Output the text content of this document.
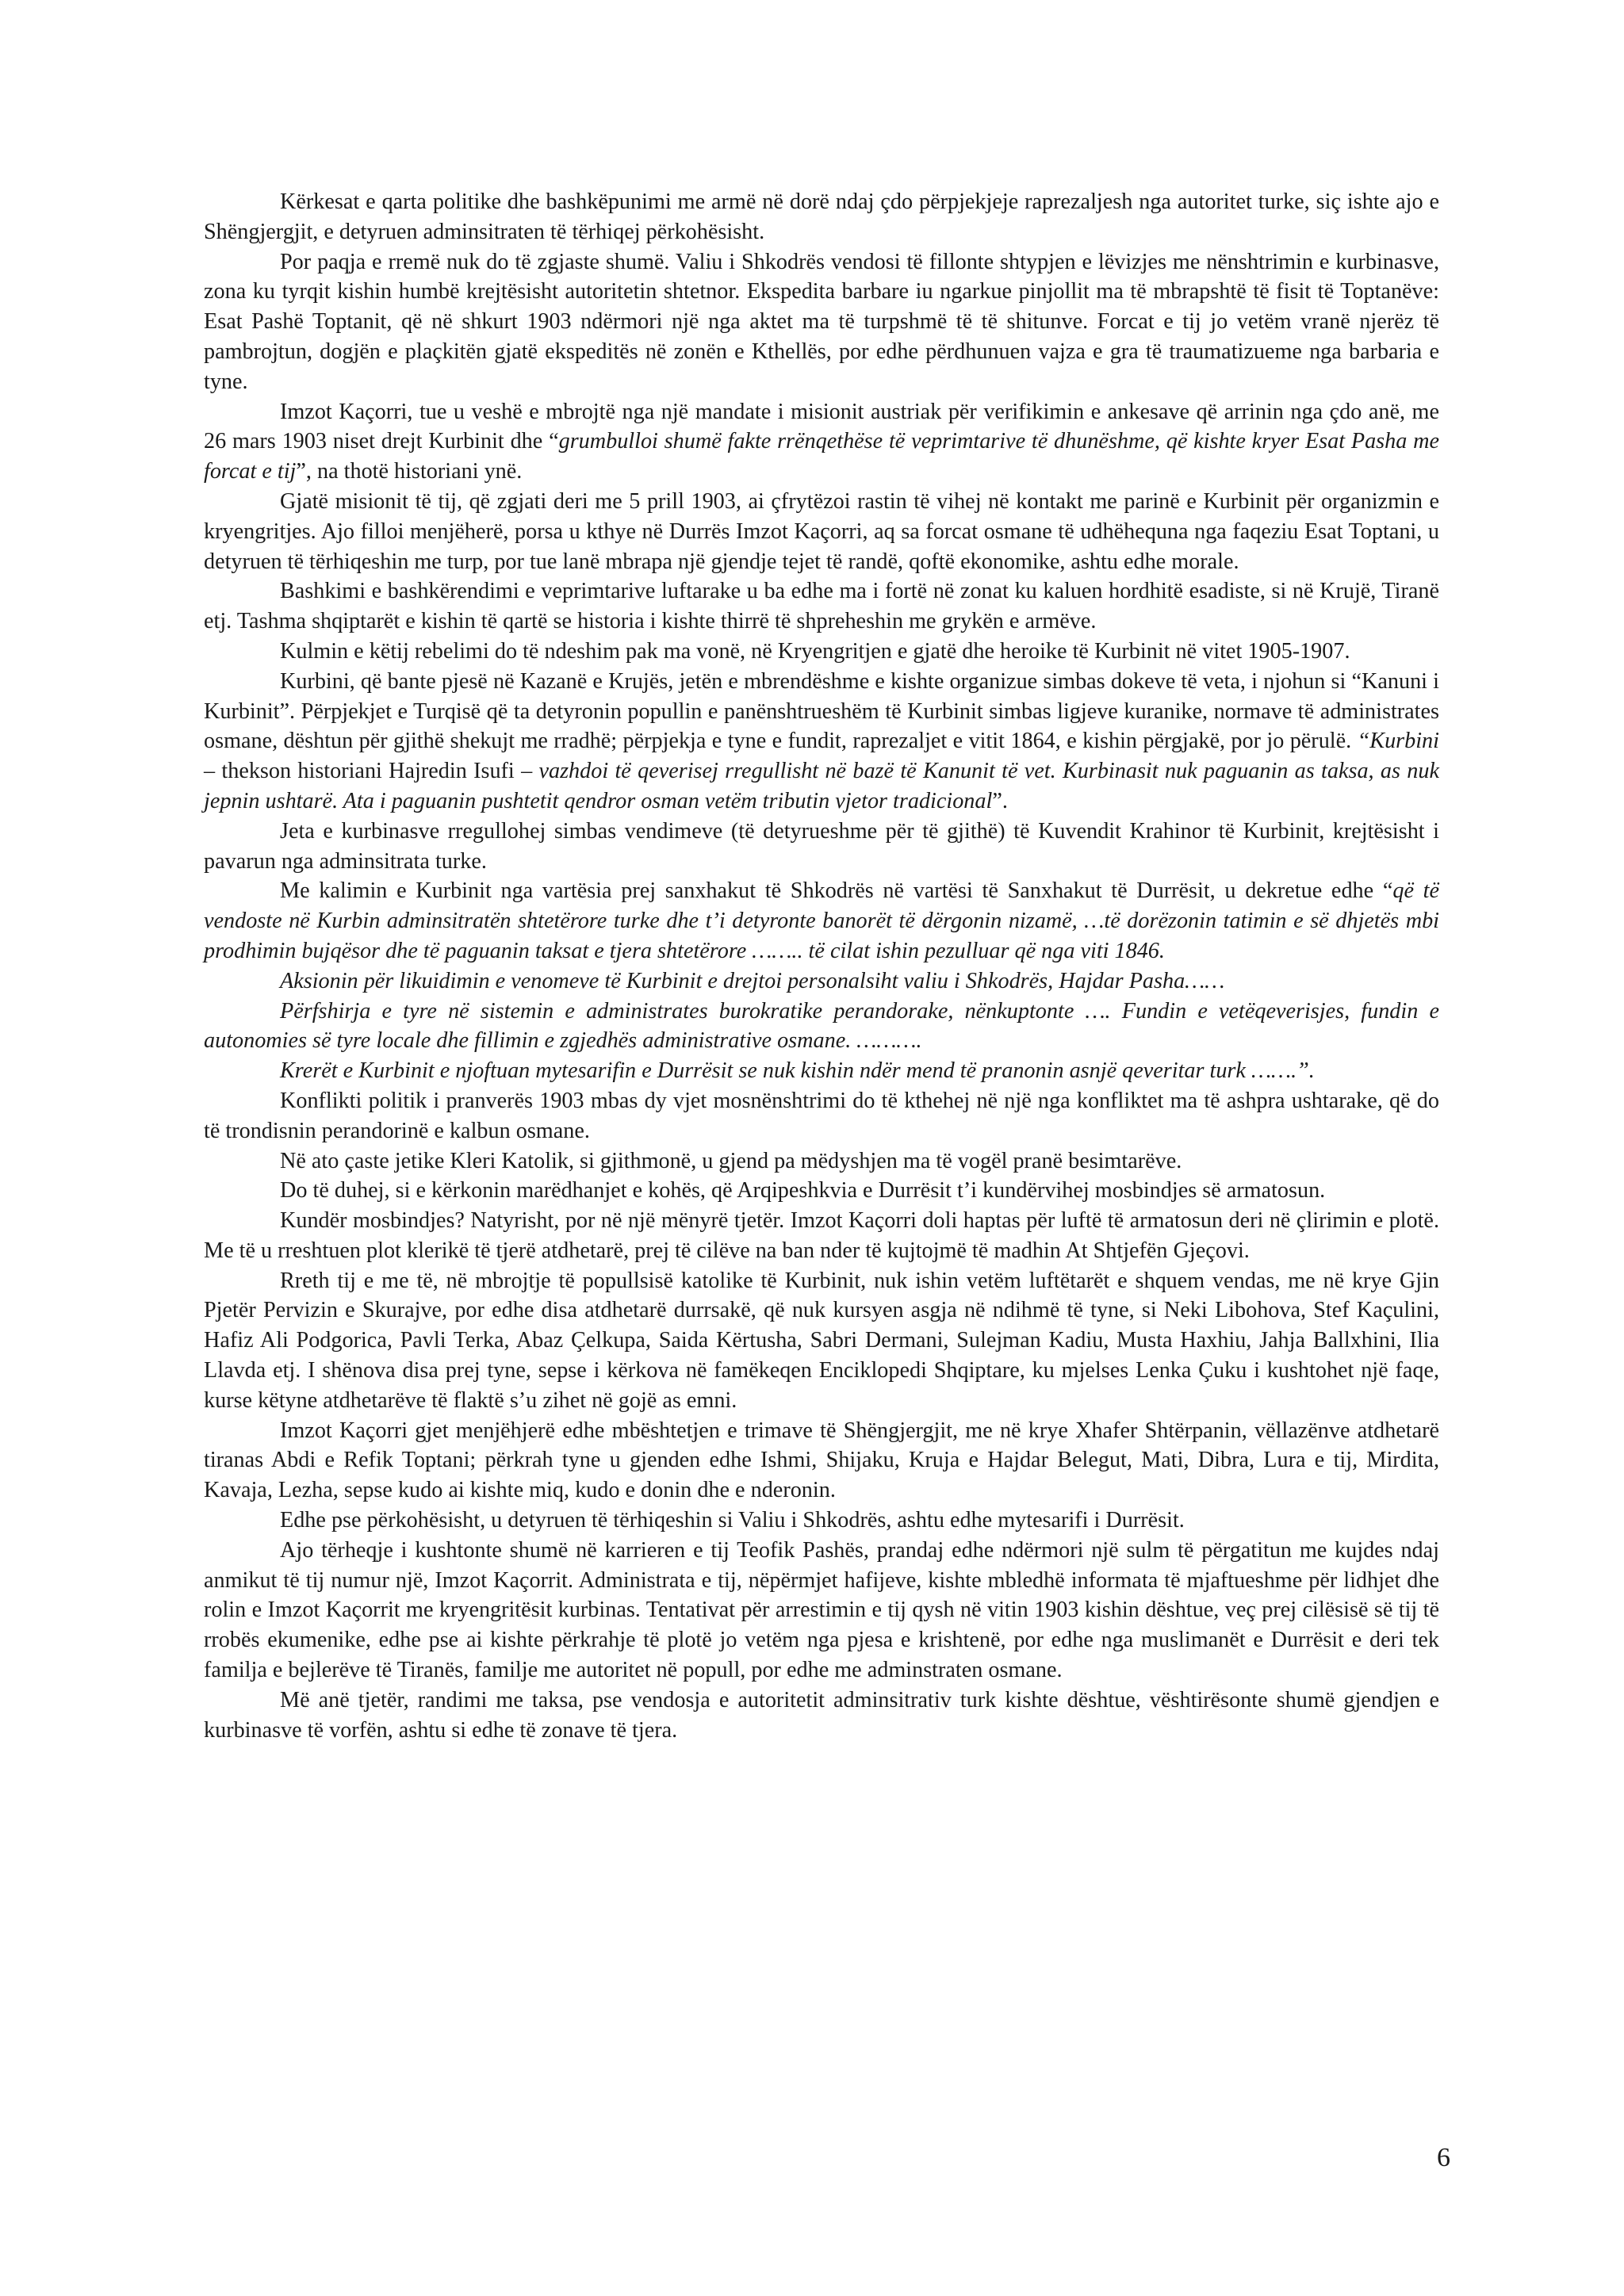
Kërkesat e qarta politike dhe bashkëpunimi me armë në dorë ndaj çdo përpjekjeje raprezaljesh nga autoritet turke, siç ishte ajo e Shëngjergjit, e detyruen adminsitraten të tërhiqej përkohësisht.

Por paqja e rremë nuk do të zgjaste shumë. Valiu i Shkodrës vendosi të fillonte shtypjen e lëvizjes me nënshtrimin e kurbinasve, zona ku tyrqit kishin humbë krejtësisht autoritetin shtetnor. Ekspedita barbare iu ngarkue pinjollit ma të mbrapshtë të fisit të Toptanëve: Esat Pashë Toptanit, që në shkurt 1903 ndërmori një nga aktet ma të turpshmë të të shitunve. Forcat e tij jo vetëm vranë njerëz të pambrojtun, dogjën e plaçkitën gjatë ekspeditës në zonën e Kthellës, por edhe përdhunuen vajza e gra të traumatizueme nga barbaria e tyne.

Imzot Kaçorri, tue u veshë e mbrojtë nga një mandate i misionit austriak për verifikimin e ankesave që arrinin nga çdo anë, me 26 mars 1903 niset drejt Kurbinit dhe “grumbulloi shumë fakte rrënqethëse të veprimtarive të dhunëshme, që kishte kryer Esat Pasha me forcat e tij”, na thotë historiani ynë.

Gjatë misionit të tij, që zgjati deri me 5 prill 1903, ai çfrytëzoi rastin të vihej në kontakt me parinë e Kurbinit për organizmin e kryengritjes. Ajo filloi menjëherë, porsa u kthye në Durrës Imzot Kaçorri, aq sa forcat osmane të udhëhequna nga faqeziu Esat Toptani, u detyruen të tërhiqeshin me turp, por tue lanë mbrapa një gjendje tejet të randë, qoftë ekonomike, ashtu edhe morale.

Bashkimi e bashkërendimi e veprimtarive luftarake u ba edhe ma i fortë në zonat ku kaluen hordhitë esadiste, si në Krujë, Tiranë etj. Tashma shqiptarët e kishin të qartë se historia i kishte thirrë të shpreheshin me grykën e armëve.

Kulmin e këtij rebelimi do të ndeshim pak ma vonë, në Kryengritjen e gjatë dhe heroike të Kurbinit në vitet 1905-1907.

Kurbini, që bante pjesë në Kazanë e Krujës, jetën e mbrendëshme e kishte organizue simbas dokeve të veta, i njohun si “Kanuni i Kurbinit”. Përpjekjet e Turqisë që ta detyronin popullin e panënshtrueshëm të Kurbinit simbas ligjeve kuranike, normave të administrates osmane, dështun për gjithë shekujt me rradhë; përpjekja e tyne e fundit, raprezaljet e vitit 1864, e kishin përgjakë, por jo përulë. “Kurbini – thekson historiani Hajredin Isufi – vazhdoi të qeverisej rregullisht në bazë të Kanunit të vet. Kurbinasit nuk paguanin as taksa, as nuk jepnin ushtarë. Ata i paguanin pushtetit qendror osman vetëm tributin vjetor tradicional”.

Jeta e kurbinasve rregullohej simbas vendimeve (të detyrueshme për të gjithë) të Kuvendit Krahinor të Kurbinit, krejtësisht i pavarun nga adminsitrata turke.

Me kalimin e Kurbinit nga vartësia prej sanxhakut të Shkodrës në vartësi të Sanxhakut të Durrësit, u dekretue edhe “që të vendoste në Kurbin adminsitratën shtetërore turke dhe t’i detyronte banorët të dërgonin nizamë, …të dorëzonin tatimin e së dhjetës mbi prodhimin bujqësor dhe të paguanin taksat e tjera shtetërore …….. të cilat ishin pezulluar që nga viti 1846.

Aksionin për likuidimin e venomeve të Kurbinit e drejtoi personalsiht valiu i Shkodrës, Hajdar Pasha……

Përfshirja e tyre në sistemin e administrates burokratike perandorake, nënkuptonte …. Fundin e vetëqeverisjes, fundin e autonomies së tyre locale dhe fillimin e zgjedhës administrative osmane. ……….

Krerët e Kurbinit e njoftuan mytesarifin e Durrësit se nuk kishin ndër mend të pranonin asnjë qeveritar turk …….”.

Konflikti politik i pranverës 1903 mbas dy vjet mosnënshtrimi do të kthehej në një nga konfliktet ma të ashpra ushtarake, që do të trondisnin perandorinë e kalbun osmane.

Në ato çaste jetike Kleri Katolik, si gjithmonë, u gjend pa mëdyshjen ma të vogël pranë besimtarëve.

Do të duhej, si e kërkonin marëdhanjet e kohës, që Arqipeshkvia e Durrësit t’i kundërvihej mosbindjes së armatosun.

Kundër mosbindjes? Natyrisht, por në një mënyrë tjetër. Imzot Kaçorri doli haptas për luftë të armatosun deri në çlirimin e plotë. Me të u rreshtuen plot klerikë të tjerë atdhetarë, prej të cilëve na ban nder të kujtojmë të madhin At Shtjefën Gjeçovi.

Rreth tij e me të, në mbrojtje të popullsisë katolike të Kurbinit, nuk ishin vetëm luftëtarët e shquem vendas, me në krye Gjin Pjetër Pervizin e Skurajve, por edhe disa atdhetarë durrsakë, që nuk kursyen asgja në ndihmë të tyne, si Neki Libohova, Stef Kaçulini, Hafiz Ali Podgorica, Pavli Terka, Abaz Çelkupa, Saida Kërtusha, Sabri Dermani, Sulejman Kadiu, Musta Haxhiu, Jahja Ballxhini, Ilia Llavda etj. I shënova disa prej tyne, sepse i kërkova në famëkeqen Enciklopedi Shqiptare, ku mjelses Lenka Çuku i kushtohet një faqe, kurse këtyne atdhetarëve të flaktë s’u zihet në gojë as emni.

Imzot Kaçorri gjet menjëhjerë edhe mbështetjen e trimave të Shëngjergjit, me në krye Xhafer Shtërpanin, vëllazënve atdhetarë tiranas Abdi e Refik Toptani; përkrah tyne u gjenden edhe Ishmi, Shijaku, Kruja e Hajdar Belegut, Mati, Dibra, Lura e tij, Mirdita, Kavaja, Lezha, sepse kudo ai kishte miq, kudo e donin dhe e nderonin.

Edhe pse përkohësisht, u detyruen të tërhiqeshin si Valiu i Shkodrës, ashtu edhe mytesarifi i Durrësit.

Ajo tërheqje i kushtonte shumë në karrieren e tij Teofik Pashës, prandaj edhe ndërmori një sulm të përgatitun me kujdes ndaj anmikut të tij numur një, Imzot Kaçorrit. Administrata e tij, nëpërmjet hafijeve, kishte mbledhë informata të mjaftueshme për lidhjet dhe rolin e Imzot Kaçorrit me kryengritësit kurbinas. Tentativat për arrestimin e tij qysh në vitin 1903 kishin dështue, veç prej cilësisë së tij të rrobës ekumenike, edhe pse ai kishte përkrahje të plotë jo vetëm nga pjesa e krishtenë, por edhe nga muslimanët e Durrësit e deri tek familja e bejlerëve të Tiranës, familje me autoritet në popull, por edhe me adminstraten osmane.

Më anë tjetër, randimi me taksa, pse vendosja e autoritetit adminsitrativ turk kishte dështue, vështirësonte shumë gjendjen e kurbinasve të vorfën, ashtu si edhe të zonave të tjera.

6
